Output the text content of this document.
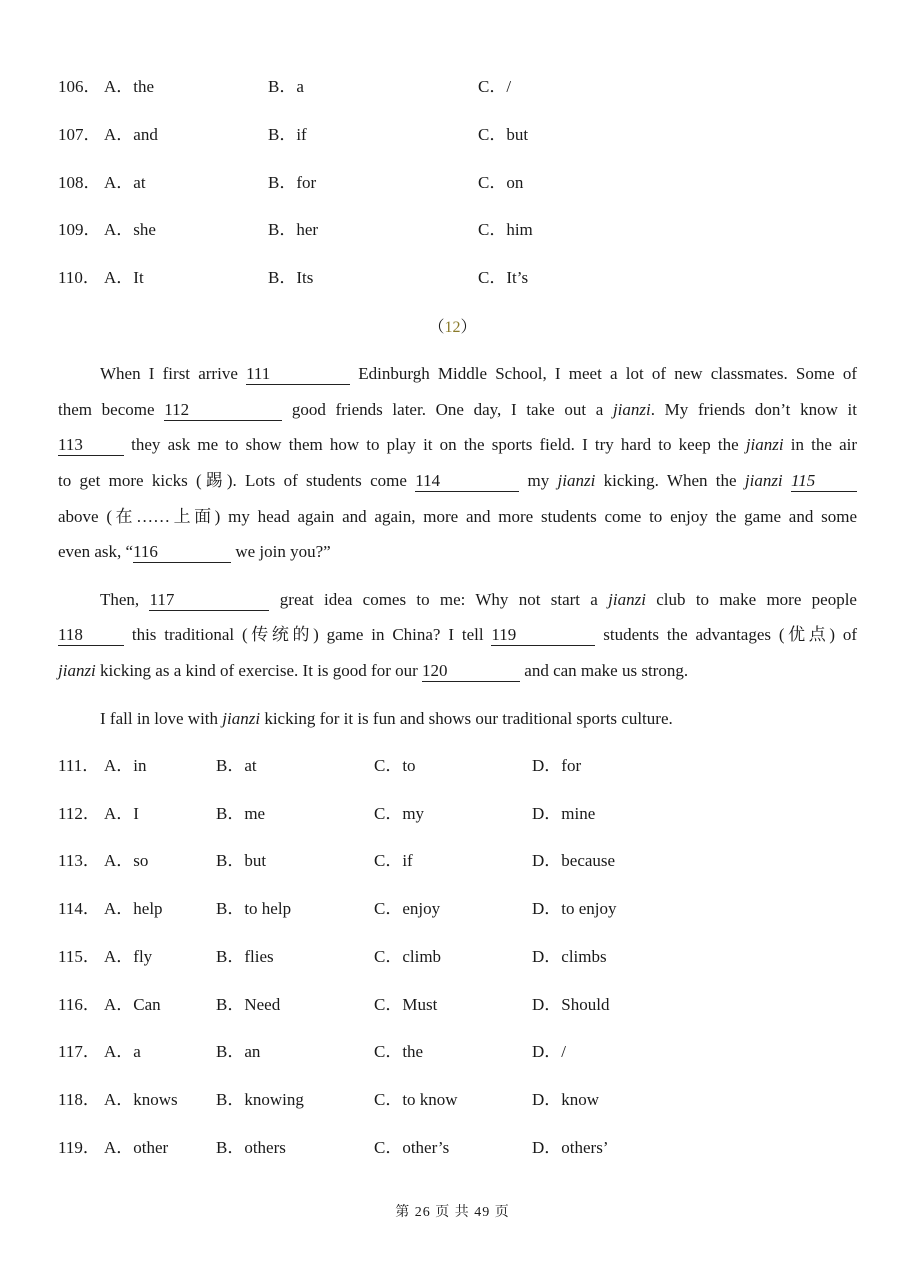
106． A．the	B．a	C．/
107． A．and	B．if	C．but
108． A．at	B．for	C．on
109． A．she	B．her	C．him
110． A．It	B．Its	C．It’s
（12）
When I first arrive 111	Edinburgh Middle School, I meet a lot of new classmates. Some of
them become 112	good friends later. One day, I take out a jianzi. My friends don’t know it
113       they ask me to show them how to play it on the sports field. I try hard to keep the jianzi in the air
to get more kicks (踢). Lots of students come 114	my jianzi kicking. When the jianzi 115
above (在……上面) my head again and again, more and more students come to enjoy the game and some
even ask, “116	we join you?”
Then, 117	great idea comes to me: Why not start a jianzi club to make more people
118       this traditional (传统的) game in China? I tell 119	students the advantages (优点) of
jianzi kicking as a kind of exercise. It is good for our 120	and can make us strong.
I fall in love with jianzi kicking for it is fun and shows our traditional sports culture.
111． A．in	B．at	C．to	D．for
112． A．I	B．me	C．my	D．mine
113． A．so	B．but	C．if	D．because
114． A．help	B．to help	C．enjoy	D．to enjoy
115． A．fly	B．flies	C．climb	D．climbs
116． A．Can	B．Need	C．Must	D．Should
117． A．a	B．an	C．the	D．/
118． A．knows B．knowing	C．to know	D．know
119． A．other	B．others	C．other’s	D．others’
第 26 页 共 49 页
